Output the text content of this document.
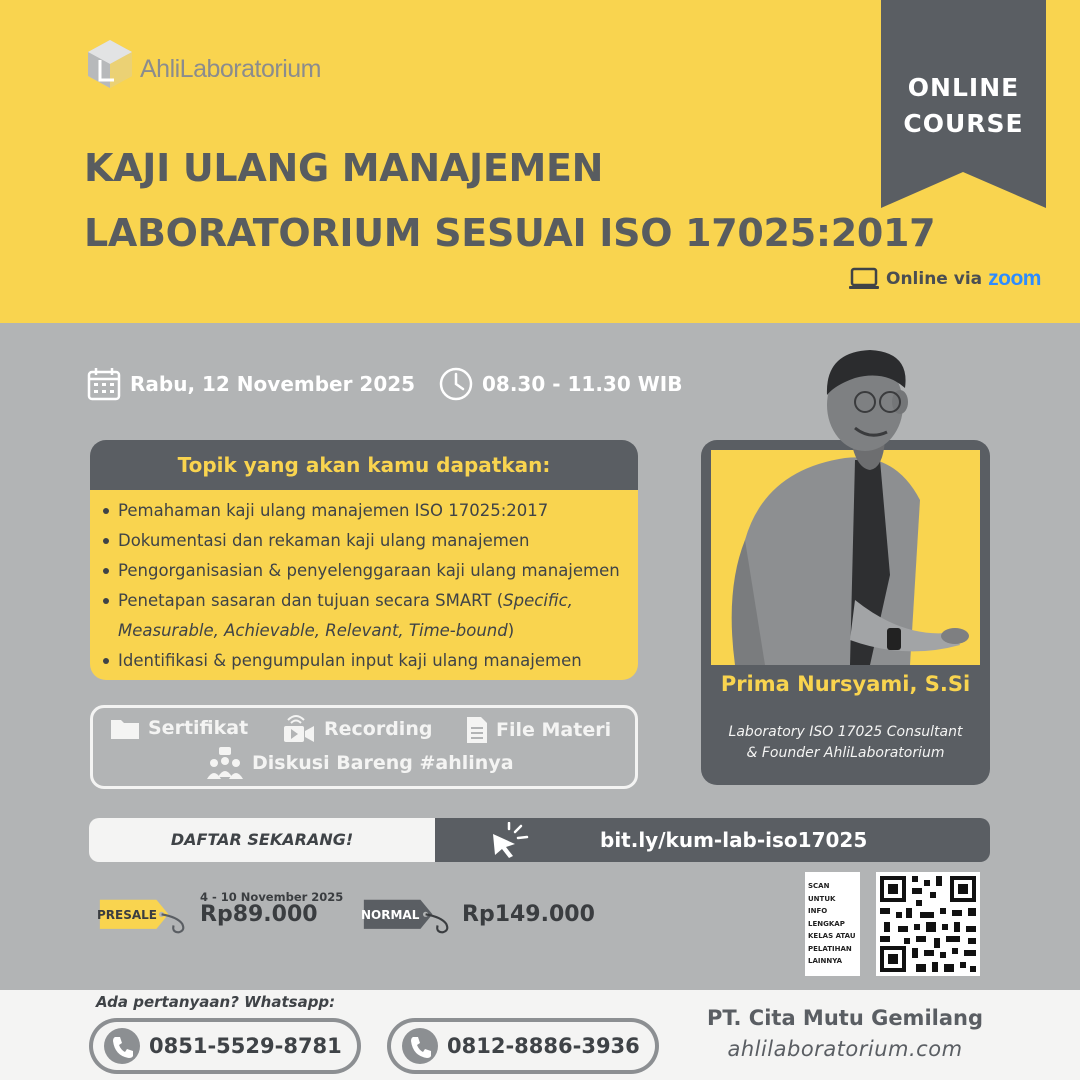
AhliLaboratorium
ONLINE
COURSE
KAJI ULANG MANAJEMEN
LABORATORIUM SESUAI ISO 17025:2017
Online via zoom
Rabu, 12 November 2025	08.30 - 11.30 WIB
Topik yang akan kamu dapatkan:
Pemahaman kaji ulang manajemen ISO 17025:2017
Dokumentasi dan rekaman kaji ulang manajemen
Pengorganisasian & penyelenggaraan kaji ulang manajemen
Penetapan sasaran dan tujuan secara SMART (Specific,
Measurable, Achievable, Relevant, Time-bound)
Identifikasi & pengumpulan input kaji ulang manajemen
Sertifikat	Recording	File Materi
Diskusi Bareng #ahlinya
Prima Nursyami, S.Si
Laboratory ISO 17025 Consultant
& Founder AhliLaboratorium
DAFTAR SEKARANG!	bit.ly/kum-lab-iso17025
PRESALE
4 - 10 November 2025
Rp89.000	NORMAL Rp149.000
SCAN
UNTUK
INFO
LENGKAP
KELAS ATAU
PELATIHAN
LAINNYA
Ada pertanyaan? Whatsapp:
0851-5529-8781	0812-8886-3936
PT. Cita Mutu Gemilang
ahlilaboratorium.com
